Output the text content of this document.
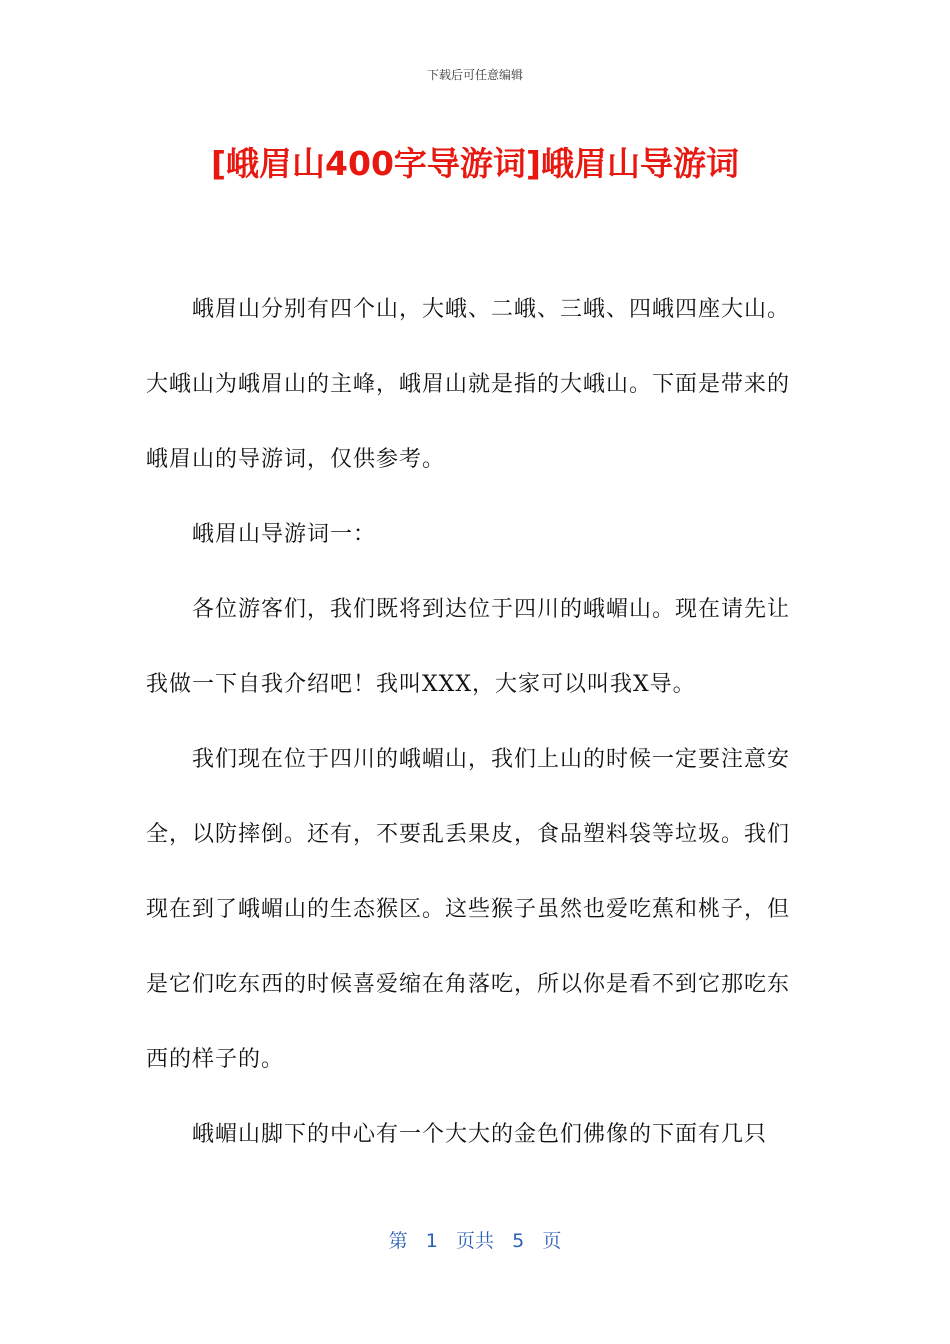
下载后可任意编辑
[峨眉山400字导游词]峨眉山导游词

峨眉山分别有四个山，大峨、二峨、三峨、四峨四座大山。大峨山为峨眉山的主峰，峨眉山就是指的大峨山。下面是带来的峨眉山的导游词，仅供参考。

峨眉山导游词一：

各位游客们，我们既将到达位于四川的峨嵋山。现在请先让我做一下自我介绍吧！我叫XXX，大家可以叫我X导。

我们现在位于四川的峨嵋山，我们上山的时候一定要注意安全，以防摔倒。还有，不要乱丢果皮，食品塑料袋等垃圾。我们现在到了峨嵋山的生态猴区。这些猴子虽然也爱吃蕉和桃子，但是它们吃东西的时候喜爱缩在角落吃，所以你是看不到它那吃东西的样子的。

峨嵋山脚下的中心有一个大大的金色们佛像的下面有几只

第 1 页共 5 页
